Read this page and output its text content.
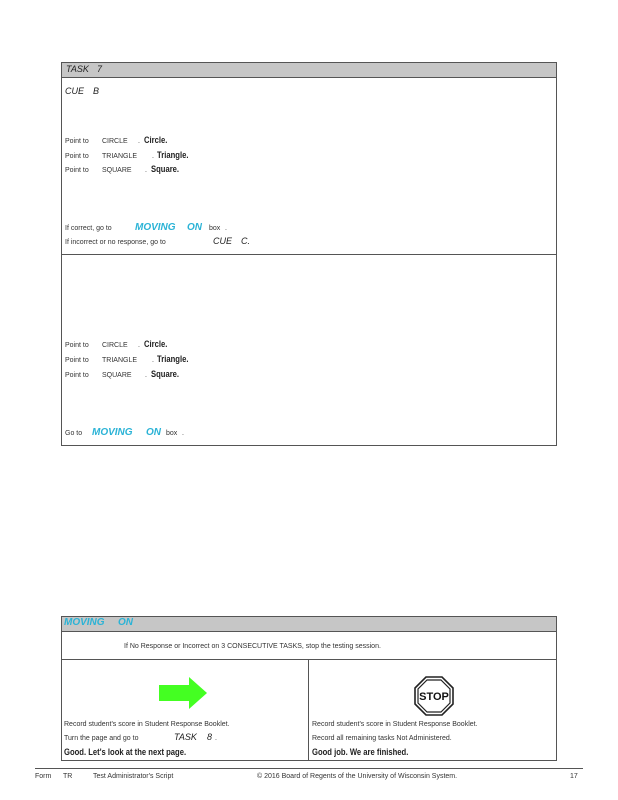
TASK 7
CUE B
Point to CIRCLE . Circle.
Point to TRIANGLE . Triangle.
Point to SQUARE . Square.
If correct, go to MOVING ON box .
If incorrect or no response, go to	CUE C.
Point to CIRCLE . Circle.
Point to TRIANGLE . Triangle.
Point to SQUARE . Square.
Go to MOVING ON box .
MOVING ON
If No Response or Incorrect on 3 CONSECUTIVE TASKS, stop the testing session.
STOP
Record student's score in Student Response Booklet.
Turn the page and go to	TASK 8 .
Good. Let's look at the next page.
Record student's score in Student Response Booklet.
Record all remaining tasks Not Administered.
Good job. We are finished.
Form TR	Test Administrator's Script	© 2016 Board of Regents of the University of Wisconsin System.	17
